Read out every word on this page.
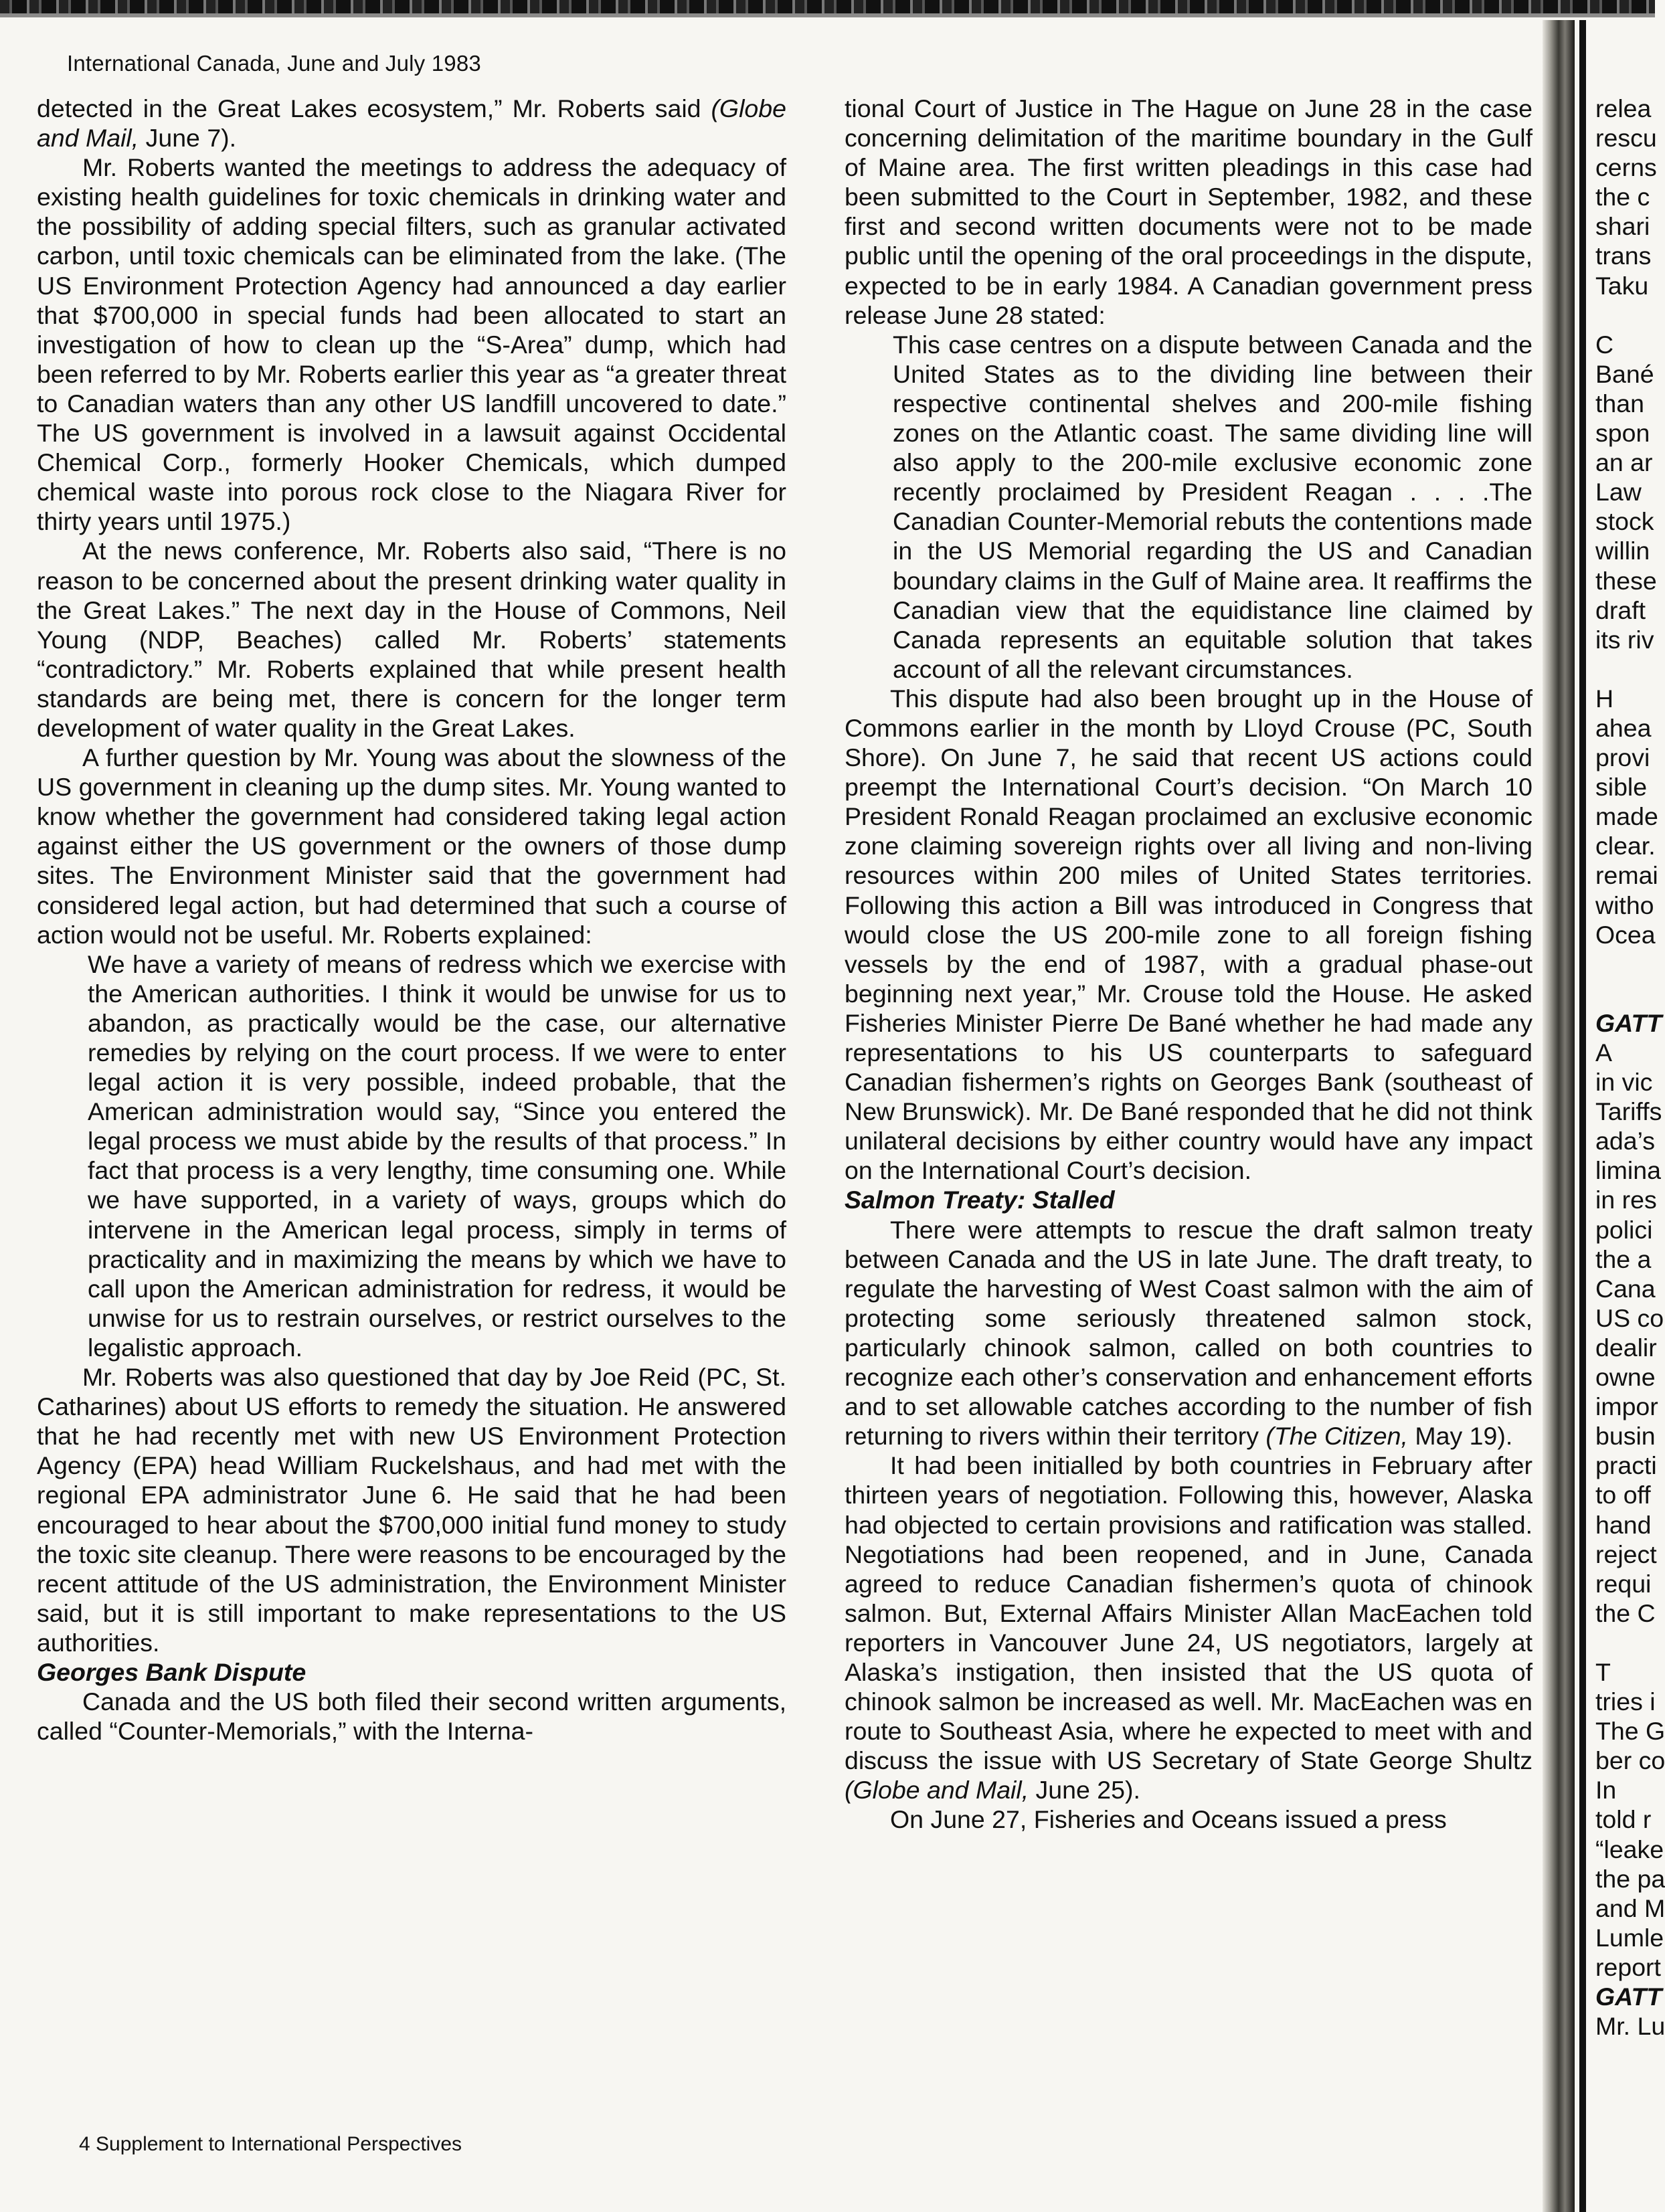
International Canada, June and July 1983

detected in the Great Lakes ecosystem,” Mr. Roberts said (Globe and Mail, June 7).

Mr. Roberts wanted the meetings to address the adequacy of existing health guidelines for toxic chemicals in drinking water and the possibility of adding special filters, such as granular activated carbon, until toxic chemicals can be eliminated from the lake. (The US Environment Protection Agency had announced a day earlier that $700,000 in special funds had been allocated to start an investigation of how to clean up the “S-Area” dump, which had been referred to by Mr. Roberts earlier this year as “a greater threat to Canadian waters than any other US landfill uncovered to date.” The US government is involved in a lawsuit against Occidental Chemical Corp., formerly Hooker Chemicals, which dumped chemical waste into porous rock close to the Niagara River for thirty years until 1975.)

At the news conference, Mr. Roberts also said, “There is no reason to be concerned about the present drinking water quality in the Great Lakes.” The next day in the House of Commons, Neil Young (NDP, Beaches) called Mr. Roberts’ statements “contradictory.” Mr. Roberts explained that while present health standards are being met, there is concern for the longer term development of water quality in the Great Lakes.

A further question by Mr. Young was about the slowness of the US government in cleaning up the dump sites. Mr. Young wanted to know whether the government had considered taking legal action against either the US government or the owners of those dump sites. The Environment Minister said that the government had considered legal action, but had determined that such a course of action would not be useful. Mr. Roberts explained:

We have a variety of means of redress which we exercise with the American authorities. I think it would be unwise for us to abandon, as practically would be the case, our alternative remedies by relying on the court process. If we were to enter legal action it is very possible, indeed probable, that the American administration would say, “Since you entered the legal process we must abide by the results of that process.” In fact that process is a very lengthy, time consuming one. While we have supported, in a variety of ways, groups which do intervene in the American legal process, simply in terms of practicality and in maximizing the means by which we have to call upon the American administration for redress, it would be unwise for us to restrain ourselves, or restrict ourselves to the legalistic approach.

Mr. Roberts was also questioned that day by Joe Reid (PC, St. Catharines) about US efforts to remedy the situation. He answered that he had recently met with new US Environment Protection Agency (EPA) head William Ruckelshaus, and had met with the regional EPA administrator June 6. He said that he had been encouraged to hear about the $700,000 initial fund money to study the toxic site cleanup. There were reasons to be encouraged by the recent attitude of the US administration, the Environment Minister said, but it is still important to make representations to the US authorities.

Georges Bank Dispute

Canada and the US both filed their second written arguments, called “Counter-Memorials,” with the Interna-

tional Court of Justice in The Hague on June 28 in the case concerning delimitation of the maritime boundary in the Gulf of Maine area. The first written pleadings in this case had been submitted to the Court in September, 1982, and these first and second written documents were not to be made public until the opening of the oral proceedings in the dispute, expected to be in early 1984. A Canadian government press release June 28 stated:

This case centres on a dispute between Canada and the United States as to the dividing line between their respective continental shelves and 200-mile fishing zones on the Atlantic coast. The same dividing line will also apply to the 200-mile exclusive economic zone recently proclaimed by President Reagan . . . .The Canadian Counter-Memorial rebuts the contentions made in the US Memorial regarding the US and Canadian boundary claims in the Gulf of Maine area. It reaffirms the Canadian view that the equidistance line claimed by Canada represents an equitable solution that takes account of all the relevant circumstances.

This dispute had also been brought up in the House of Commons earlier in the month by Lloyd Crouse (PC, South Shore). On June 7, he said that recent US actions could preempt the International Court’s decision. “On March 10 President Ronald Reagan proclaimed an exclusive economic zone claiming sovereign rights over all living and non-living resources within 200 miles of United States territories. Following this action a Bill was introduced in Congress that would close the US 200-mile zone to all foreign fishing vessels by the end of 1987, with a gradual phase-out beginning next year,” Mr. Crouse told the House. He asked Fisheries Minister Pierre De Bané whether he had made any representations to his US counterparts to safeguard Canadian fishermen’s rights on Georges Bank (southeast of New Brunswick). Mr. De Bané responded that he did not think unilateral decisions by either country would have any impact on the International Court’s decision.

Salmon Treaty: Stalled

There were attempts to rescue the draft salmon treaty between Canada and the US in late June. The draft treaty, to regulate the harvesting of West Coast salmon with the aim of protecting some seriously threatened salmon stock, particularly chinook salmon, called on both countries to recognize each other’s conservation and enhancement efforts and to set allowable catches according to the number of fish returning to rivers within their territory (The Citizen, May 19).

It had been initialled by both countries in February after thirteen years of negotiation. Following this, however, Alaska had objected to certain provisions and ratification was stalled. Negotiations had been reopened, and in June, Canada agreed to reduce Canadian fishermen’s quota of chinook salmon. But, External Affairs Minister Allan MacEachen told reporters in Vancouver June 24, US negotiators, largely at Alaska’s instigation, then insisted that the US quota of chinook salmon be increased as well. Mr. MacEachen was en route to Southeast Asia, where he expected to meet with and discuss the issue with US Secretary of State George Shultz (Globe and Mail, June 25).

On June 27, Fisheries and Oceans issued a press

relea
rescu
cerns
the c
shari
trans
Taku

C
Bané
than
spon
an ar
Law
stock
willin
these
draft
its riv

H
ahea
provi
sible
made
clear.
remai
witho
Ocea

GATT
A
in vic
Tariffs
ada’s
limina
in res
polici
the a
Cana
US co
dealir
owne
impor
busin
practi
to off
hand
reject
requi
the C

T
tries i
The G
ber co
In
told r
“leake
the pa
and M
Lumle
report
GATT
Mr. Lu
4 Supplement to International Perspectives
